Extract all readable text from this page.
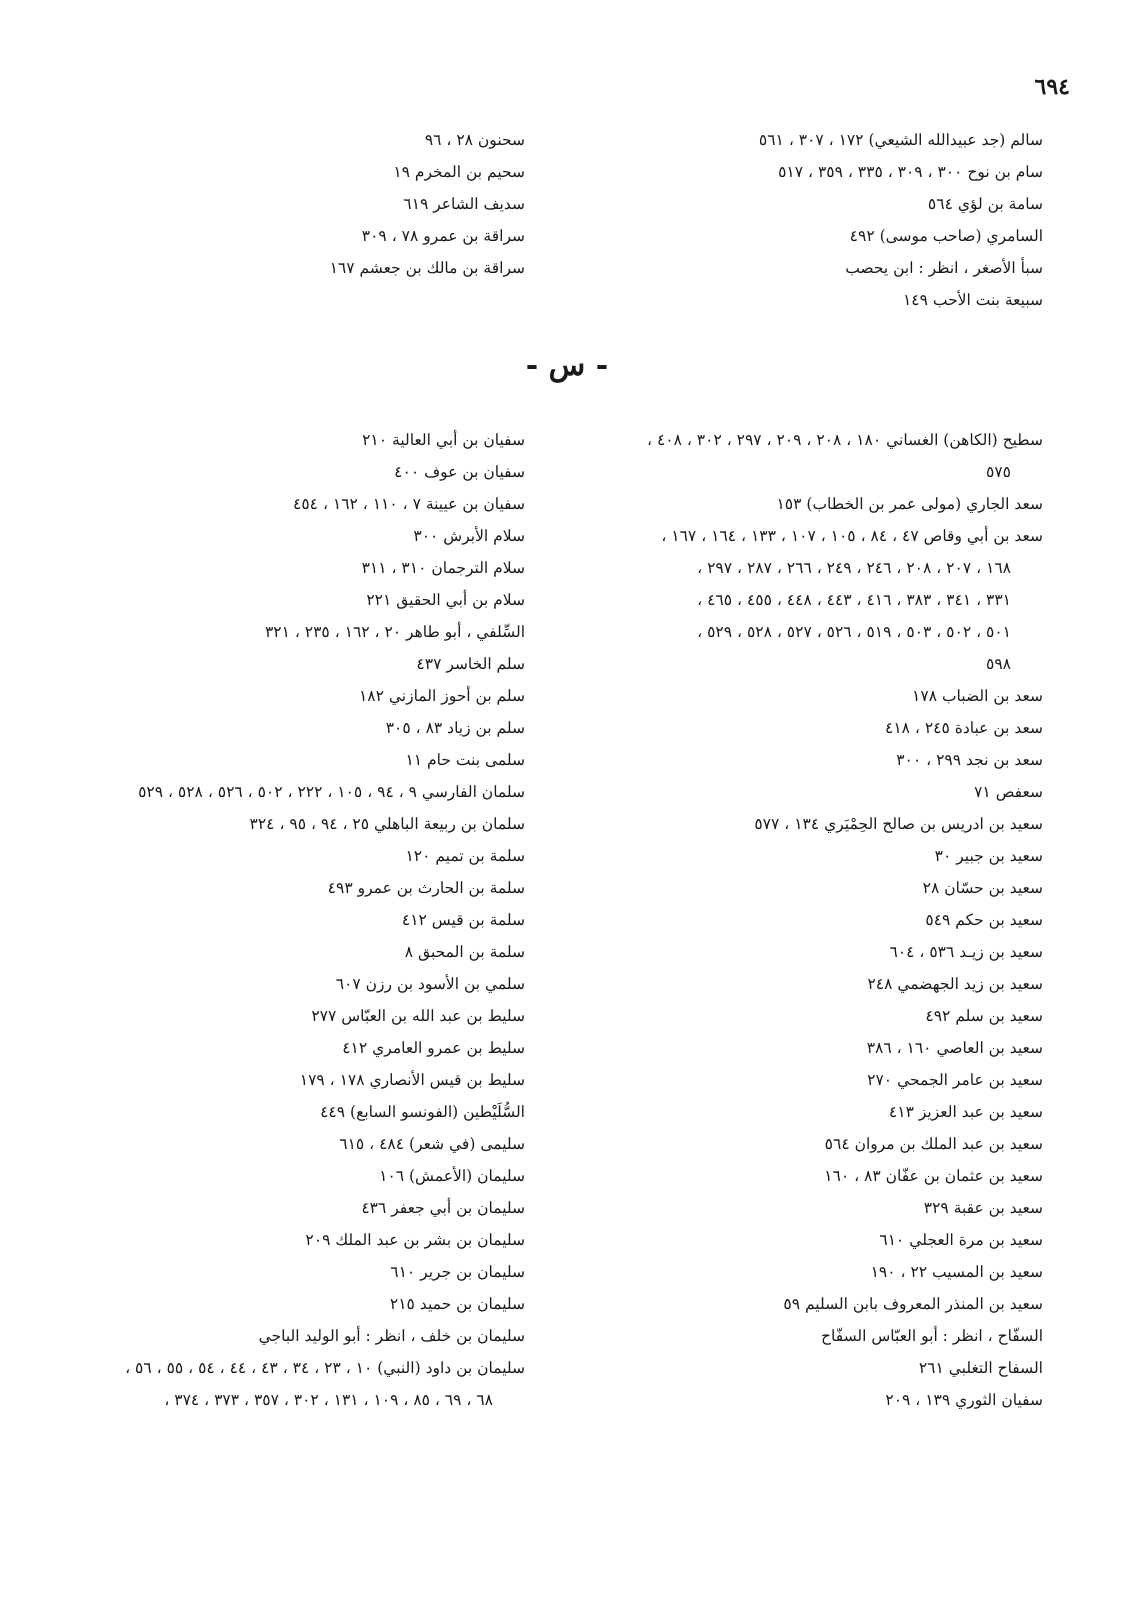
٦٩٤
سالم (جد عبيدالله الشيعي) ١٧٢ ، ٣٠٧ ، ٥٦١
سام بن نوح ٣٠٠ ، ٣٠٩ ، ٣٣٥ ، ٣٥٩ ، ٥١٧
سامة بن لؤي ٥٦٤
السامري (صاحب موسى) ٤٩٢
سبأ الأصغر ، انظر : ابن يحصب
سبيعة بنت الأحب ١٤٩
سحنون ٢٨ ، ٩٦
سحيم بن المخرم ١٩
سديف الشاعر ٦١٩
سراقة بن عمرو ٧٨ ، ٣٠٩
سراقة بن مالك بن جعشم ١٦٧
- س -
سطيح (الكاهن) الغساني ١٨٠ ، ٢٠٨ ، ٢٠٩ ، ٢٩٧ ، ٣٠٢ ، ٤٠٨ ،
٥٧٥
سعد الجاري (مولى عمر بن الخطاب) ١٥٣
سعد بن أبي وقاص ٤٧ ، ٨٤ ، ١٠٥ ، ١٠٧ ، ١٣٣ ، ١٦٤ ، ١٦٧ ،
١٦٨ ، ٢٠٧ ، ٢٠٨ ، ٢٤٦ ، ٢٤٩ ، ٢٦٦ ، ٢٨٧ ، ٢٩٧ ،
٣٣١ ، ٣٤١ ، ٣٨٣ ، ٤١٦ ، ٤٤٣ ، ٤٤٨ ، ٤٥٥ ، ٤٦٥ ،
٥٠١ ، ٥٠٢ ، ٥٠٣ ، ٥١٩ ، ٥٢٦ ، ٥٢٧ ، ٥٢٨ ، ٥٢٩ ،
٥٩٨
سعد بن الضباب ١٧٨
سعد بن عبادة ٢٤٥ ، ٤١٨
سعد بن نجد ٢٩٩ ، ٣٠٠
سعفص ٧١
سعيد بن ادريس بن صالح الحِمْيَري ١٣٤ ، ٥٧٧
سعيد بن جبير ٣٠
سعيد بن حسّان ٢٨
سعيد بن حكم ٥٤٩
سعيد بن زيـد ٥٣٦ ، ٦٠٤
سعيد بن زيد الجهضمي ٢٤٨
سعيد بن سلم ٤٩٢
سعيد بن العاصي ١٦٠ ، ٣٨٦
سعيد بن عامر الجمحي ٢٧٠
سعيد بن عبد العزيز ٤١٣
سعيد بن عبد الملك بن مروان ٥٦٤
سعيد بن عثمان بن عفّان ٨٣ ، ١٦٠
سعيد بن عقبة ٣٢٩
سعيد بن مرة العجلي ٦١٠
سعيد بن المسيب ٢٢ ، ١٩٠
سعيد بن المنذر المعروف بابن السليم ٥٩
السفّاح ، انظر : أبو العبّاس السفّاح
السفاح التغلبي ٢٦١
سفيان الثوري ١٣٩ ، ٢٠٩
سفيان بن أبي العالية ٢١٠
سفيان بن عوف ٤٠٠
سفيان بن عيينة ٧ ، ١١٠ ، ١٦٢ ، ٤٥٤
سلام الأبرش ٣٠٠
سلام الترجمان ٣١٠ ، ٣١١
سلام بن أبي الحقيق ٢٢١
السِّلفي ، أبو طاهر ٢٠ ، ١٦٢ ، ٢٣٥ ، ٣٢١
سلم الخاسر ٤٣٧
سلم بن أحوز المازني ١٨٢
سلم بن زياد ٨٣ ، ٣٠٥
سلمى بنت حام ١١
سلمان الفارسي ٩ ، ٩٤ ، ١٠٥ ، ٢٢٢ ، ٥٠٢ ، ٥٢٦ ، ٥٢٨ ، ٥٢٩
سلمان بن ربيعة الباهلي ٢٥ ، ٩٤ ، ٩٥ ، ٣٢٤
سلمة بن تميم ١٢٠
سلمة بن الحارث بن عمرو ٤٩٣
سلمة بن قيس ٤١٢
سلمة بن المحبق ٨
سلمي بن الأسود بن رزن ٦٠٧
سليط بن عبد الله بن العبّاس ٢٧٧
سليط بن عمرو العامري ٤١٢
سليط بن قيس الأنصاري ١٧٨ ، ١٧٩
السُّلَيْطين (الفونسو السابع) ٤٤٩
سليمى (في شعر) ٤٨٤ ، ٦١٥
سليمان (الأعمش) ١٠٦
سليمان بن أبي جعفر ٤٣٦
سليمان بن بشر بن عبد الملك ٢٠٩
سليمان بن جرير ٦١٠
سليمان بن حميد ٢١٥
سليمان بن خلف ، انظر : أبو الوليد الباجي
سليمان بن داود (النبي) ١٠ ، ٢٣ ، ٣٤ ، ٤٣ ، ٤٤ ، ٥٤ ، ٥٥ ، ٥٦ ،
٦٨ ، ٦٩ ، ٨٥ ، ١٠٩ ، ١٣١ ، ٣٠٢ ، ٣٥٧ ، ٣٧٣ ، ٣٧٤ ،
